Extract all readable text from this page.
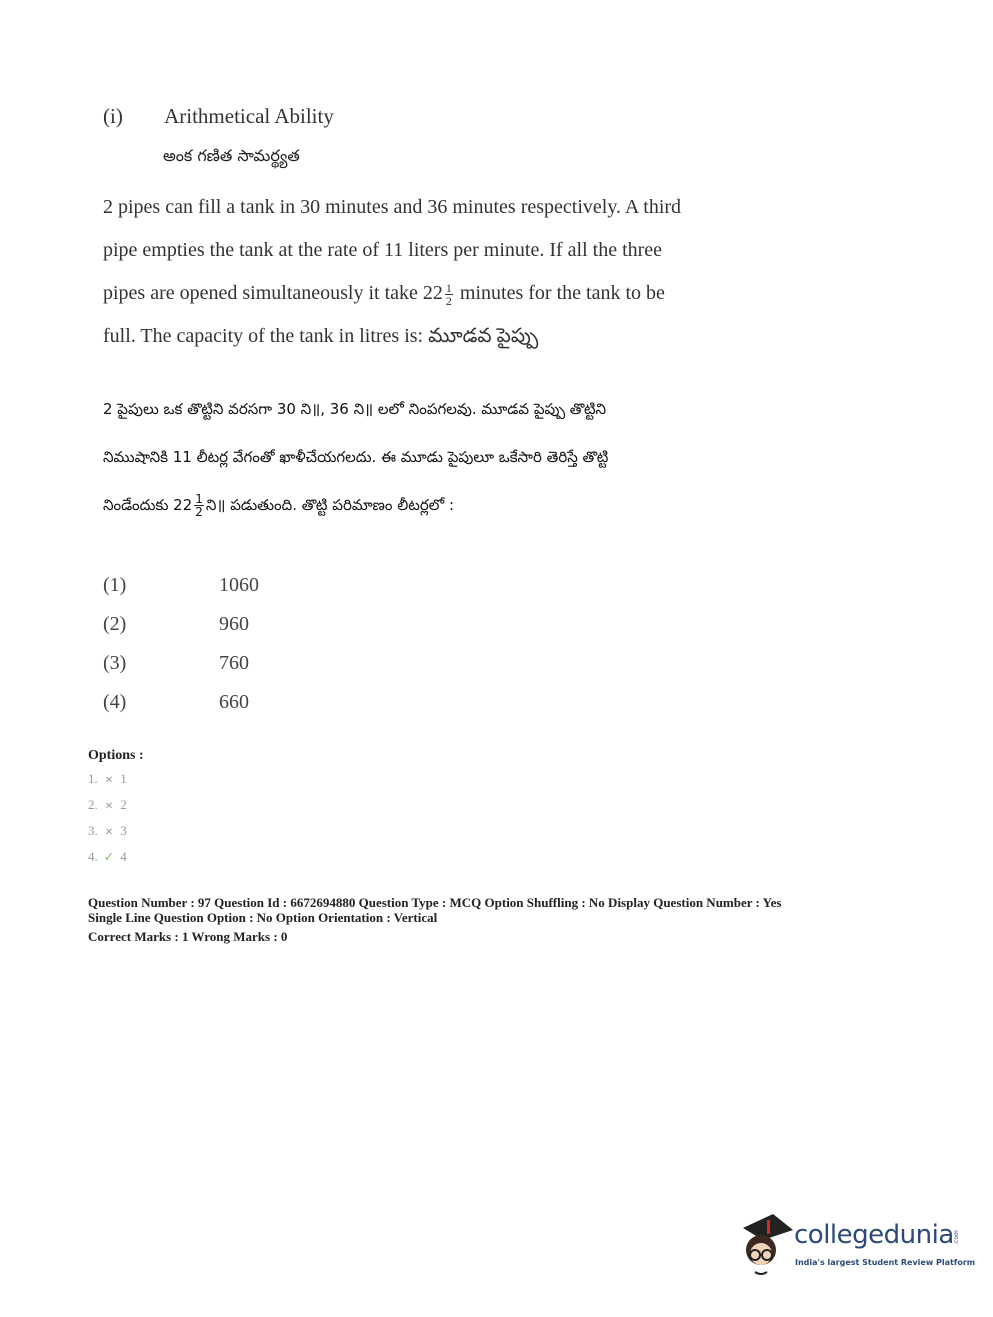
(i) Arithmetical Ability
అంక గణిత సామర్థ్యత

2 pipes can fill a tank in 30 minutes and 36 minutes respectively. A third

pipe empties the tank at the rate of 11 liters per minute. If all the three

pipes are opened simultaneously it take $22 \frac{1}{2}$ minutes for the tank to be

full. The capacity of the tank in litres is: మూడవ పైప్పు

2 పైపులు ఒక తొట్టిని వరసగా 30 ని॥, 36 ని॥ లలో నింపగలవు. మూడవ పైప్పు తొట్టిని
నిముషానికి 11 లీటర్ల వేగంతో ఖాళీచేయగలదు. ఈ మూడు పైపులూ ఒకేసారి తెరిస్తే తొట్టి
నిండేందుకు $22 \frac{1}{2}$ ని॥ పడుతుంది. తొట్టి పరిమాణం లీటర్లలో :
(1)	1060
(2)	960
(3)	760
(4)	660
Options :
1. ✕ 1
2. ✕ 2
3. ✕ 3
4. ✓ 4
Question Number : 97 Question Id : 6672694880 Question Type : MCQ Option Shuffling : No Display Question Number : Yes
Single Line Question Option : No Option Orientation : Vertical
Correct Marks : 1 Wrong Marks : 0
collegedunia .com
India's largest Student Review Platform
